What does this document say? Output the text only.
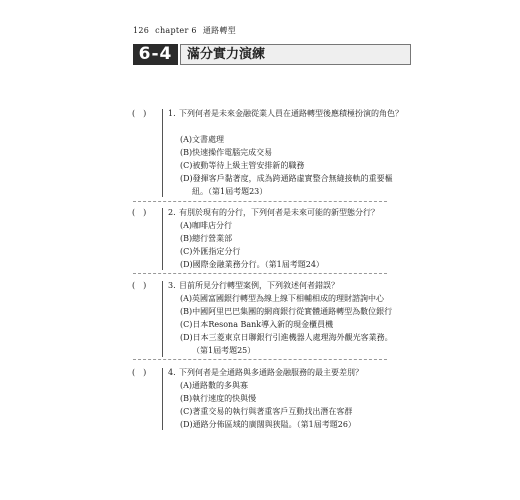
126 chapter 6 通路轉型
6-4	滿分實力演練
(　)	1. 下列何者是未來金融從業人員在通路轉型後應積極扮演的角色？
(A)文書處理
(B)快速操作電腦完成交易
(C)被動等待上級主管安排新的職務
(D)發揮客戶黏著度，成為跨通路虛實整合無縫接軌的重要樞
紐。（第1屆考題23）
(　)	2. 有別於現有的分行，下列何者是未來可能的新型態分行？
(A)咖啡店分行
(B)總行營業部
(C)外匯指定分行
(D)國際金融業務分行。（第1屆考題24）
(　)	3. 目前所見分行轉型案例，下列敘述何者錯誤？
(A)英國富國銀行轉型為線上線下相輔相成的理財諮詢中心
(B)中國阿里巴巴集團的網商銀行從實體通路轉型為數位銀行
(C)日本Resona Bank導入新的現金櫃員機
(D)日本三菱東京日聯銀行引進機器人處理海外觀光客業務。
（第1屆考題25）
(　)	4. 下列何者是全通路與多通路金融服務的最主要差別？
(A)通路數的多與寡
(B)執行速度的快與慢
(C)著重交易的執行與著重客戶互動找出潛在客群
(D)通路分佈區域的廣闊與狹隘。（第1屆考題26）
